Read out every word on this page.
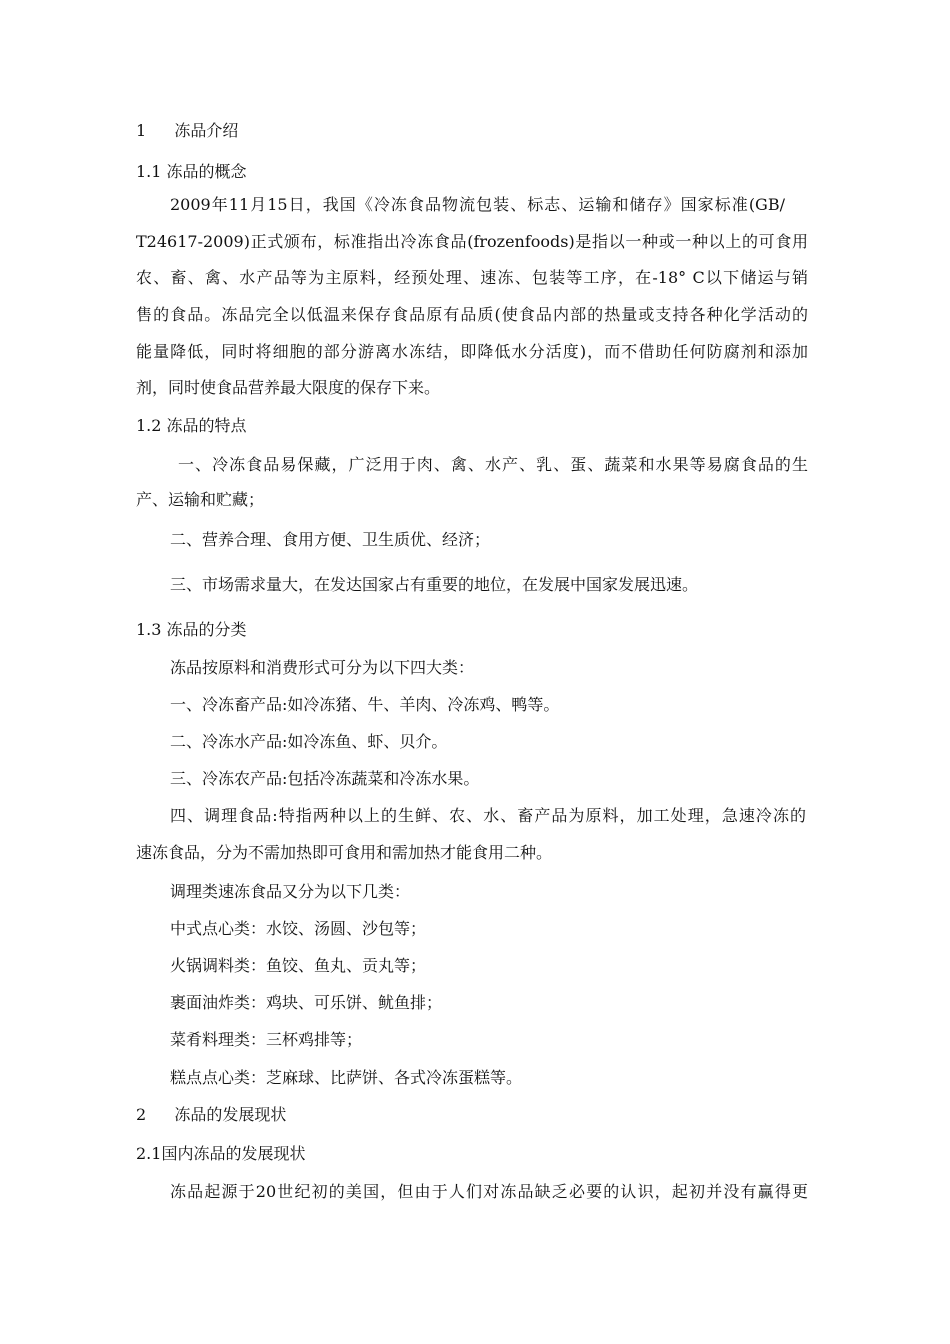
1 冻品介绍
1.1 冻品的概念
2009年11月15日，我国《冷冻食品物流包装、标志、运输和储存》国家标准(GB/
T24617-2009)正式颁布，标准指出冷冻食品(frozenfoods)是指以一种或一种以上的可食用
农、畜、禽、水产品等为主原料，经预处理、速冻、包装等工序，在-18° C以下储运与销
售的食品。冻品完全以低温来保存食品原有品质(使食品内部的热量或支持各种化学活动的
能量降低，同时将细胞的部分游离水冻结，即降低水分活度)，而不借助任何防腐剂和添加
剂，同时使食品营养最大限度的保存下来。
1.2 冻品的特点
一、冷冻食品易保藏，广泛用于肉、禽、水产、乳、蛋、蔬菜和水果等易腐食品的生
产、运输和贮藏；
二、营养合理、食用方便、卫生质优、经济；
三、市场需求量大，在发达国家占有重要的地位，在发展中国家发展迅速。
1.3 冻品的分类
冻品按原料和消费形式可分为以下四大类：
一、冷冻畜产品:如冷冻猪、牛、羊肉、冷冻鸡、鸭等。
二、冷冻水产品:如冷冻鱼、虾、贝介。
三、冷冻农产品:包括冷冻蔬菜和冷冻水果。
四、调理食品:特指两种以上的生鲜、农、水、畜产品为原料，加工处理，急速冷冻的
速冻食品，分为不需加热即可食用和需加热才能食用二种。
调理类速冻食品又分为以下几类：
中式点心类：水饺、汤圆、沙包等；
火锅调料类：鱼饺、鱼丸、贡丸等；
裹面油炸类：鸡块、可乐饼、鱿鱼排；
菜肴料理类：三杯鸡排等；
糕点点心类：芝麻球、比萨饼、各式冷冻蛋糕等。
2 冻品的发展现状
2.1国内冻品的发展现状
冻品起源于20世纪初的美国，但由于人们对冻品缺乏必要的认识，起初并没有赢得更
